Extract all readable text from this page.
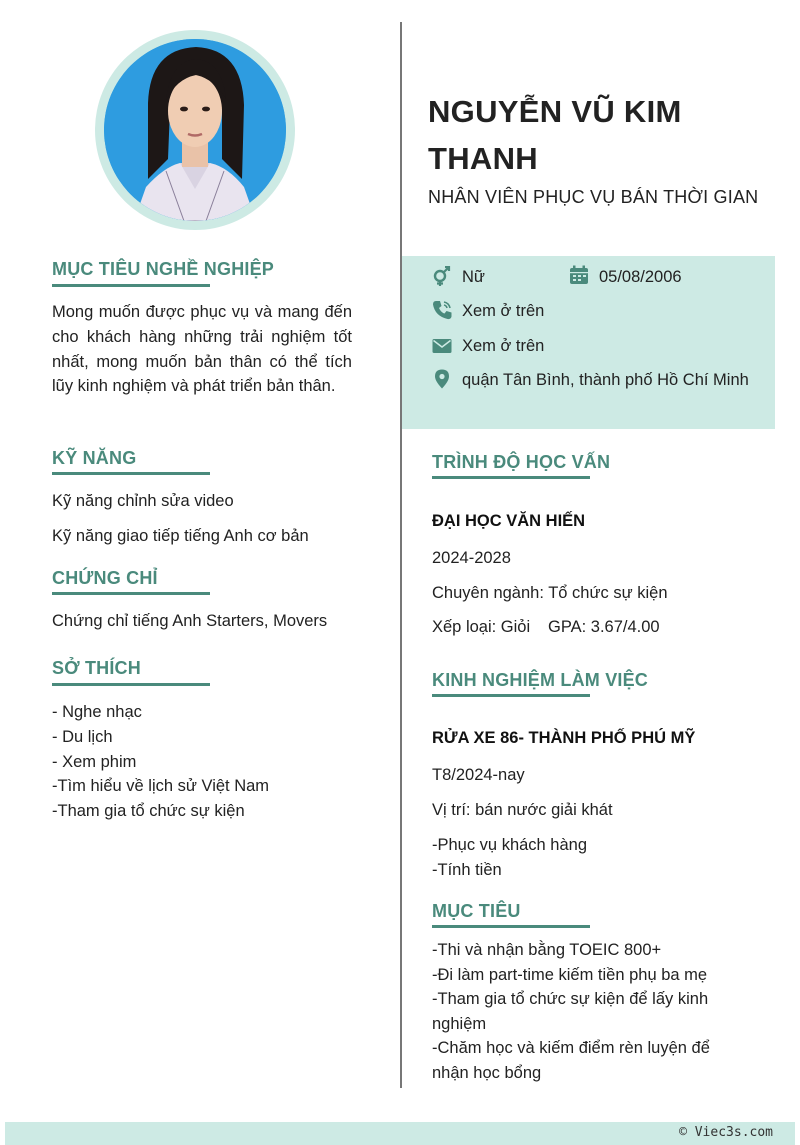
MỤC TIÊU NGHỀ NGHIỆP
Mong muốn được phục vụ và mang đến cho khách hàng những trải nghiệm tốt nhất, mong muốn bản thân có thể tích lũy kinh nghiệm và phát triển bản thân.
KỸ NĂNG
Kỹ năng chỉnh sửa video
Kỹ năng giao tiếp tiếng Anh cơ bản
CHỨNG CHỈ
Chứng chỉ tiếng Anh Starters, Movers
SỞ THÍCH
- Nghe nhạc
- Du lịch
- Xem phim
-Tìm hiểu về lịch sử Việt Nam
-Tham gia tổ chức sự kiện
NGUYỄN VŨ KIM THANH
NHÂN VIÊN PHỤC VỤ BÁN THỜI GIAN
Nữ	05/08/2006
Xem ở trên
Xem ở trên
quận Tân Bình, thành phố Hồ Chí Minh
TRÌNH ĐỘ HỌC VẤN
ĐẠI HỌC VĂN HIẾN
2024-2028
Chuyên ngành: Tổ chức sự kiện
Xếp loại: Giỏi GPA: 3.67/4.00
KINH NGHIỆM LÀM VIỆC
RỬA XE 86- THÀNH PHỐ PHÚ MỸ
T8/2024-nay
Vị trí: bán nước giải khát
-Phục vụ khách hàng
-Tính tiền
MỤC TIÊU
-Thi và nhận bằng TOEIC 800+
-Đi làm part-time kiếm tiền phụ ba mẹ
-Tham gia tổ chức sự kiện để lấy kinh nghiệm
-Chăm học và kiếm điểm rèn luyện để nhận học bổng
© Viec3s.com
